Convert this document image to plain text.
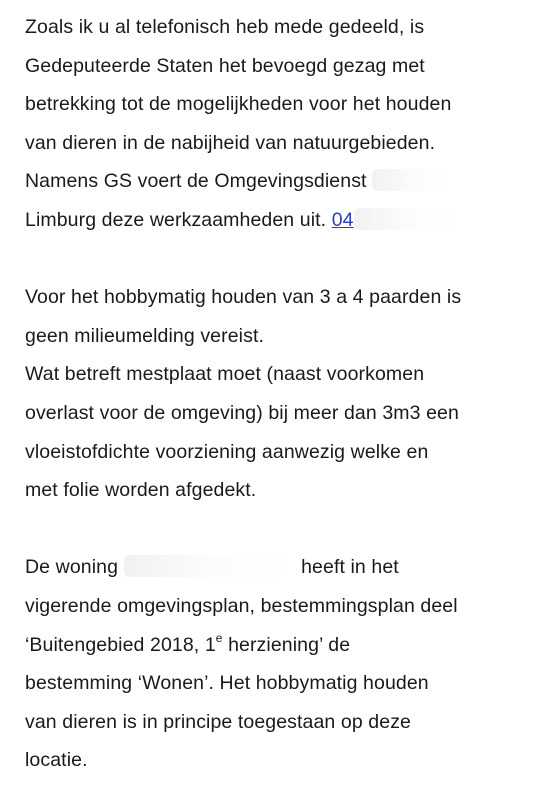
Zoals ik u al telefonisch heb mede gedeeld, is
Gedeputeerde Staten het bevoegd gezag met
betrekking tot de mogelijkheden voor het houden
van dieren in de nabijheid van natuurgebieden.
Namens GS voert de Omgevingsdienst
Limburg deze werkzaamheden uit. 04
Voor het hobbymatig houden van 3 a 4 paarden is
geen milieumelding vereist.
Wat betreft mestplaat moet (naast voorkomen
overlast voor de omgeving) bij meer dan 3m3 een
vloeistofdichte voorziening aanwezig welke en
met folie worden afgedekt.
De woning	heeft in het
vigerende omgevingsplan, bestemmingsplan deel
‘Buitengebied 2018, 1e herziening’ de
bestemming ‘Wonen’. Het hobbymatig houden
van dieren is in principe toegestaan op deze
locatie.
